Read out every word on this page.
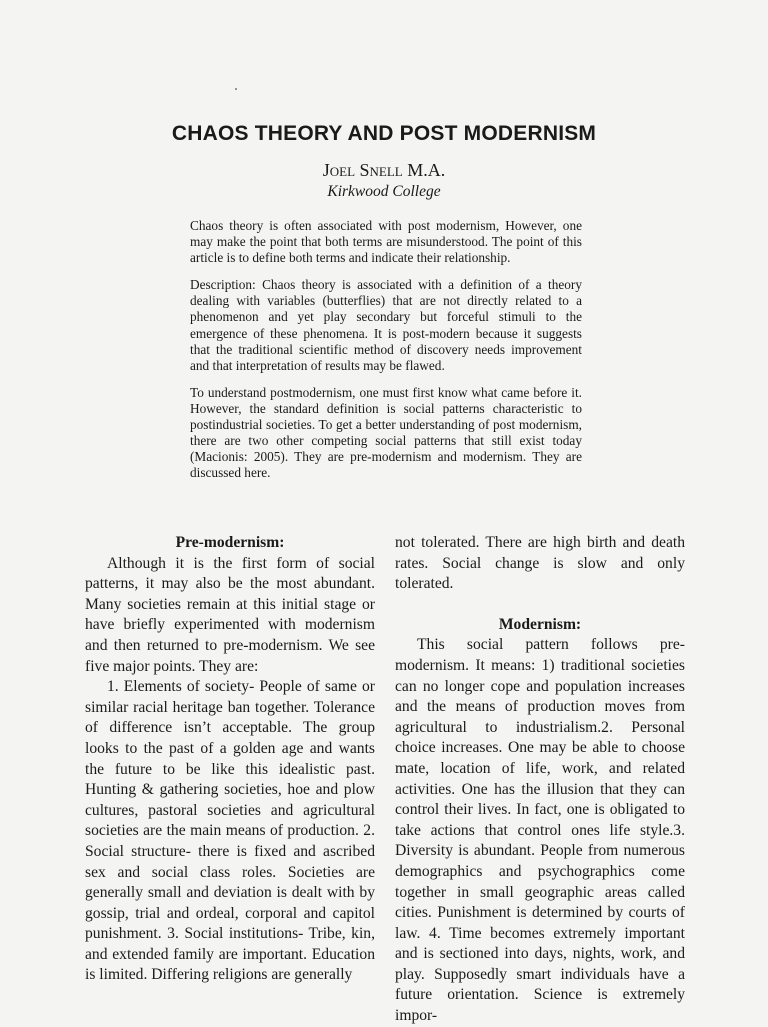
CHAOS THEORY AND POST MODERNISM
Joel Snell M.A.
Kirkwood College

Chaos theory is often associated with post modernism, However, one may make the point that both terms are misunderstood. The point of this article is to define both terms and indicate their relationship.

Description: Chaos theory is associated with a definition of a theory dealing with variables (butterflies) that are not directly related to a phenomenon and yet play secondary but forceful stimuli to the emergence of these phenomena. It is post-modern because it suggests that the traditional scientific method of discovery needs improvement and that interpretation of results may be flawed.

To understand postmodernism, one must first know what came before it. However, the standard definition is social patterns characteristic to postindustrial societies. To get a better understanding of post modernism, there are two other competing social patterns that still exist today (Macionis: 2005). They are pre-modernism and modernism. They are discussed here.

Pre-modernism:

Although it is the first form of social patterns, it may also be the most abundant. Many societies remain at this initial stage or have briefly experimented with modernism and then returned to pre-modernism. We see five major points. They are:

1. Elements of society- People of same or similar racial heritage ban together. Tolerance of difference isn’t acceptable. The group looks to the past of a golden age and wants the future to be like this idealistic past. Hunting & gathering societies, hoe and plow cultures, pastoral societies and agricultural societies are the main means of production. 2. Social structure- there is fixed and ascribed sex and social class roles. Societies are generally small and deviation is dealt with by gossip, trial and ordeal, corporal and capitol punishment. 3. Social institutions- Tribe, kin, and extended family are important. Education is limited. Differing religions are generally

not tolerated. There are high birth and death rates. Social change is slow and only tolerated.

Modernism:

This social pattern follows pre-modernism. It means: 1) traditional societies can no longer cope and population increases and the means of production moves from agricultural to industrialism.2. Personal choice increases. One may be able to choose mate, location of life, work, and related activities. One has the illusion that they can control their lives. In fact, one is obligated to take actions that control ones life style.3. Diversity is abundant. People from numerous demographics and psychographics come together in small geographic areas called cities. Punishment is determined by courts of law. 4. Time becomes extremely important and is sectioned into days, nights, work, and play. Supposedly smart individuals have a future orientation. Science is extremely impor-
